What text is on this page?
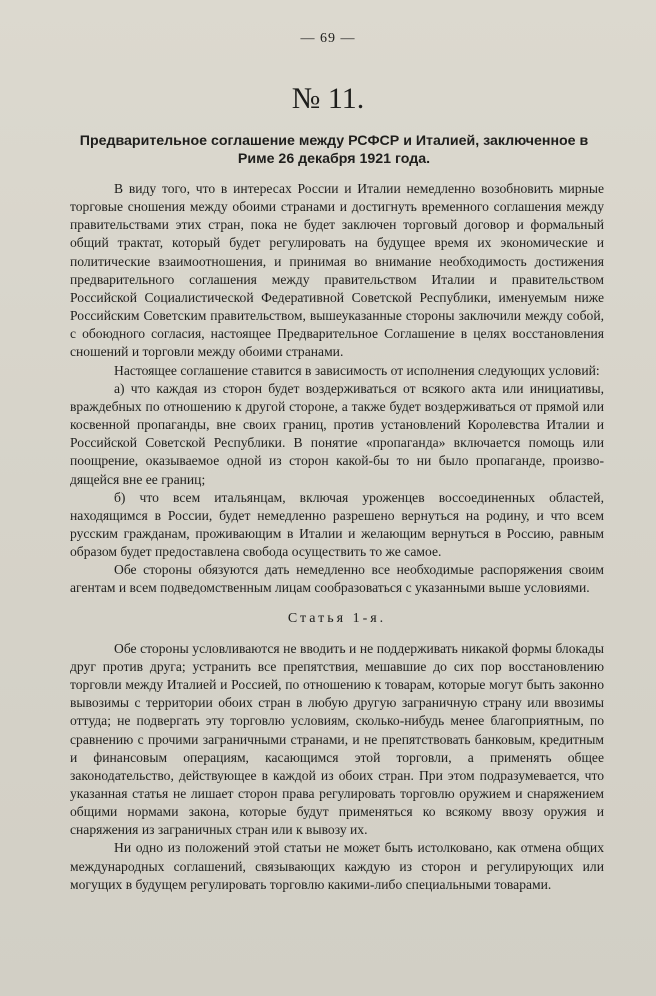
— 69 —
№ 11.
Предварительное соглашение между РСФСР и Италией, заключенное в Риме 26 декабря 1921 года.

В виду того, что в интересах России и Италии немедленно возобновить мирные торговые сношения между обоими странами и достигнуть временного соглашения между правительствами этих стран, пока не будет заключен торговый договор и формальный общий трактат, который будет регулировать на будущее время их экономические и политические взаимоотношения, и принимая во внимание необходимость достижения предварительного соглашения между правительством Италии и правительством Российской Социалистической Федеративной Советской Республики, именуемым ниже Российским Советским правительством, вышеуказанные стороны заключили между собой, с обоюдного согласия, настоящее Предварительное Соглашение в целях восстановления сношений и торговли между обоими странами.

Настоящее соглашение ставится в зависимость от исполнения следующих условий:

а) что каждая из сторон будет воздерживаться от всякого акта или инициативы, враждебных по отношению к другой стороне, а также будет воздерживаться от прямой или косвенной пропаганды, вне своих границ, против установлений Королевства Италии и Российской Советской Республики. В понятие «пропаганда» включается помощь или поощрение, оказываемое одной из сторон какой-бы то ни было пропаганде, производящейся вне ее границ;

б) что всем итальянцам, включая уроженцев воссоединенных областей, находящимся в России, будет немедленно разрешено вернуться на родину, и что всем русским гражданам, проживающим в Италии и желающим вернуться в Россию, равным образом будет предоставлена свобода осуществить то же самое.

Обе стороны обязуются дать немедленно все необходимые распоряжения своим агентам и всем подведомственным лицам сообразоваться с указанными выше условиями.

Статья 1-я.

Обе стороны условливаются не вводить и не поддерживать никакой формы блокады друг против друга; устранить все препятствия, мешавшие до сих пор восстановлению торговли между Италией и Россией, по отношению к товарам, которые могут быть законно вывозимы с территории обоих стран в любую другую заграничную страну или ввозимы оттуда; не подвергать эту торговлю условиям, сколько-нибудь менее благоприятным, по сравнению с прочими заграничными странами, и не препятствовать банковым, кредитным и финансовым операциям, касающимся этой торговли, а применять общее законодательство, действующее в каждой из обоих стран. При этом подразумевается, что указанная статья не лишает сторон права регулировать торговлю оружием и снаряжением общими нормами закона, которые будут применяться ко всякому ввозу оружия и снаряжения из заграничных стран или к вывозу их.

Ни одно из положений этой статьи не может быть истолковано, как отмена общих международных соглашений, связывающих каждую из сторон и регулирующих или могущих в будущем регулировать торговлю какими-либо специальными товарами.
